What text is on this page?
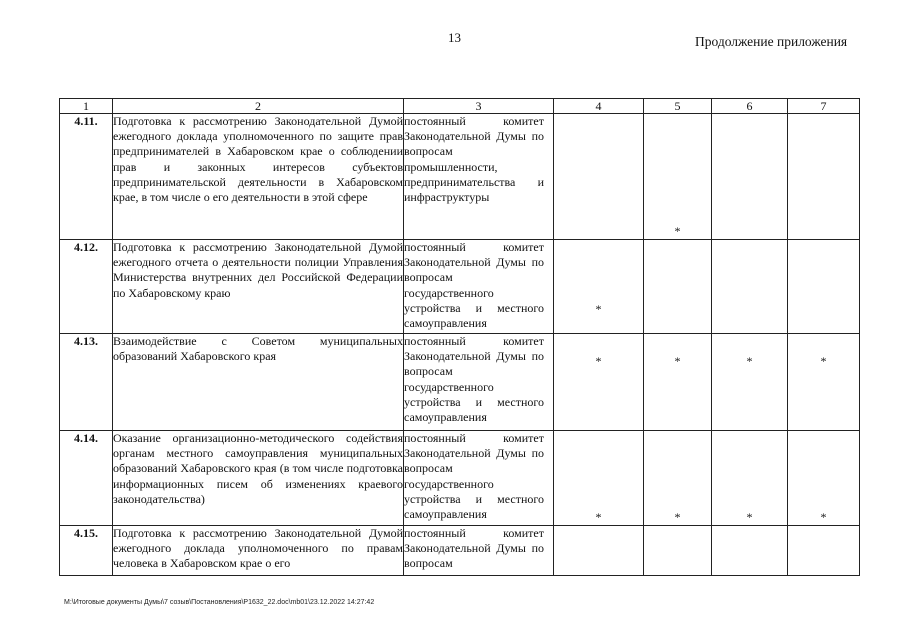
13	Продолжение приложения
1	2	3	4	5	6	7
4.11.	Подготовка к рассмотрению Законодательной Думой ежегодного доклада уполномоченного по защите прав предпринимателей в Хабаровском крае о соблюдении прав и законных интересов субъектов предпринимательской деятельности в Хабаровском крае, в том числе о его деятельности в этой сфере	постоянный комитет Законодательной Думы по вопросам промышленности, предпринимательства и инфраструктуры		*		
4.12.	Подготовка к рассмотрению Законодательной Думой ежегодного отчета о деятельности полиции Управления Министерства внутренних дел Российской Федерации по Хабаровскому краю	постоянный комитет Законодательной Думы по вопросам государственного устройства и местного самоуправления	*			
4.13.	Взаимодействие с Советом муниципальных образований Хабаровского края	постоянный комитет Законодательной Думы по вопросам государственного устройства и местного самоуправления	*	*	*	*
4.14.	Оказание организационно-методического содействия органам местного самоуправления муниципальных образований Хабаровского края (в том числе подготовка информационных писем об изменениях краевого законодательства)	постоянный комитет Законодательной Думы по вопросам государственного устройства и местного самоуправления	*	*	*	*
4.15.	Подготовка к рассмотрению Законодательной Думой ежегодного доклада уполномоченного по правам человека в Хабаровском крае о его	постоянный комитет Законодательной Думы по вопросам				

M:\Итоговые документы Думы\7 созыв\Постановления\P1632_22.doc\mb01\23.12.2022 14:27:42
